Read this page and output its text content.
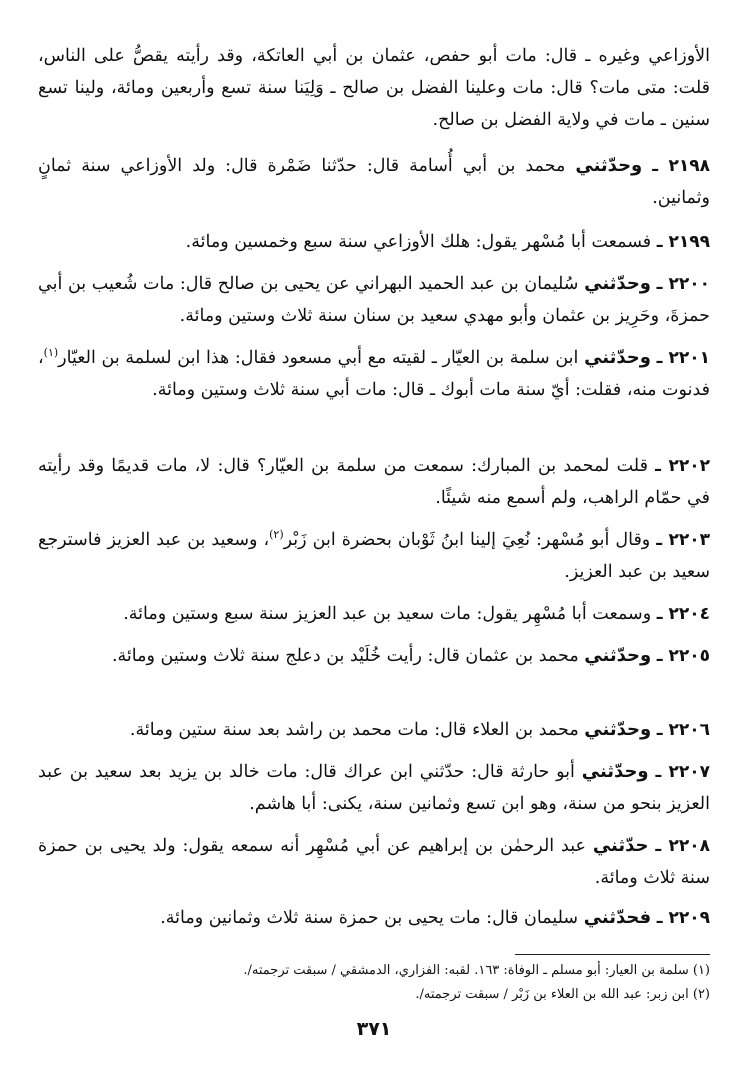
الأوزاعي وغيره ـ قال: مات أبو حفص، عثمان بن أبي العاتكة، وقد رأيته يقصُّ على الناس، قلت: متى مات؟ قال: مات وعلينا الفضل بن صالح ـ وَلِيَنا سنة تسع وأربعين ومائة، ولينا تسع سنين ـ مات في ولاية الفضل بن صالح.
٢١٩٨ ـ وحدّثني محمد بن أبي أُسامة قال: حدّثنا ضَمْرة قال: ولد الأوزاعي سنة ثمانٍ وثمانين.
٢١٩٩ ـ فسمعت أبا مُسْهر يقول: هلك الأوزاعي سنة سبع وخمسين ومائة.
٢٢٠٠ ـ وحدّثني سُليمان بن عبد الحميد البهراني عن يحيى بن صالح قال: مات شُعيب بن أبي حمزةَ، وحَرِيز بن عثمان وأبو مهدي سعيد بن سنان سنة ثلاث وستين ومائة.
٢٢٠١ ـ وحدّثني ابن سلمة بن العيّار ـ لقيته مع أبي مسعود فقال: هذا ابن لسلمة بن العيّار$^{(١)}$، فدنوت منه، فقلت: أيّ سنة مات أبوك ـ قال: مات أبي سنة ثلاث وستين ومائة.
٢٢٠٢ ـ قلت لمحمد بن المبارك: سمعت من سلمة بن العيّار؟ قال: لا، مات قديمًا وقد رأيته في حمّام الراهب، ولم أسمع منه شيئًا.
٢٢٠٣ ـ وقال أبو مُسْهر: نُعِيَ إلينا ابنُ ثَوْبان بحضرة ابن زَبْر$^{(٢)}$، وسعيد بن عبد العزيز فاسترجع سعيد بن عبد العزيز.
٢٢٠٤ ـ وسمعت أبا مُسْهِر يقول: مات سعيد بن عبد العزيز سنة سبع وستين ومائة.
٢٢٠٥ ـ وحدّثني محمد بن عثمان قال: رأيت خُلَيْد بن دعلج سنة ثلاث وستين ومائة.
٢٢٠٦ ـ وحدّثني محمد بن العلاء قال: مات محمد بن راشد بعد سنة ستين ومائة.
٢٢٠٧ ـ وحدّثني أبو حارثة قال: حدّثني ابن عراك قال: مات خالد بن يزيد بعد سعيد بن عبد العزيز بنحو من سنة، وهو ابن تسع وثمانين سنة، يكنى: أبا هاشم.
٢٢٠٨ ـ حدّثني عبد الرحمٰن بن إبراهيم عن أبي مُسْهِر أنه سمعه يقول: ولد يحيى بن حمزة سنة ثلاث ومائة.
٢٢٠٩ ـ فحدّثني سليمان قال: مات يحيى بن حمزة سنة ثلاث وثمانين ومائة.
(١) سلمة بن العيار: أبو مسلم ـ الوفاة: ١٦٣. لقبه: الفزاري، الدمشقي / سبقت ترجمته/.
(٢) ابن زبر: عبد الله بن العلاء بن زَبْر / سبقت ترجمته/.
٣٧١
